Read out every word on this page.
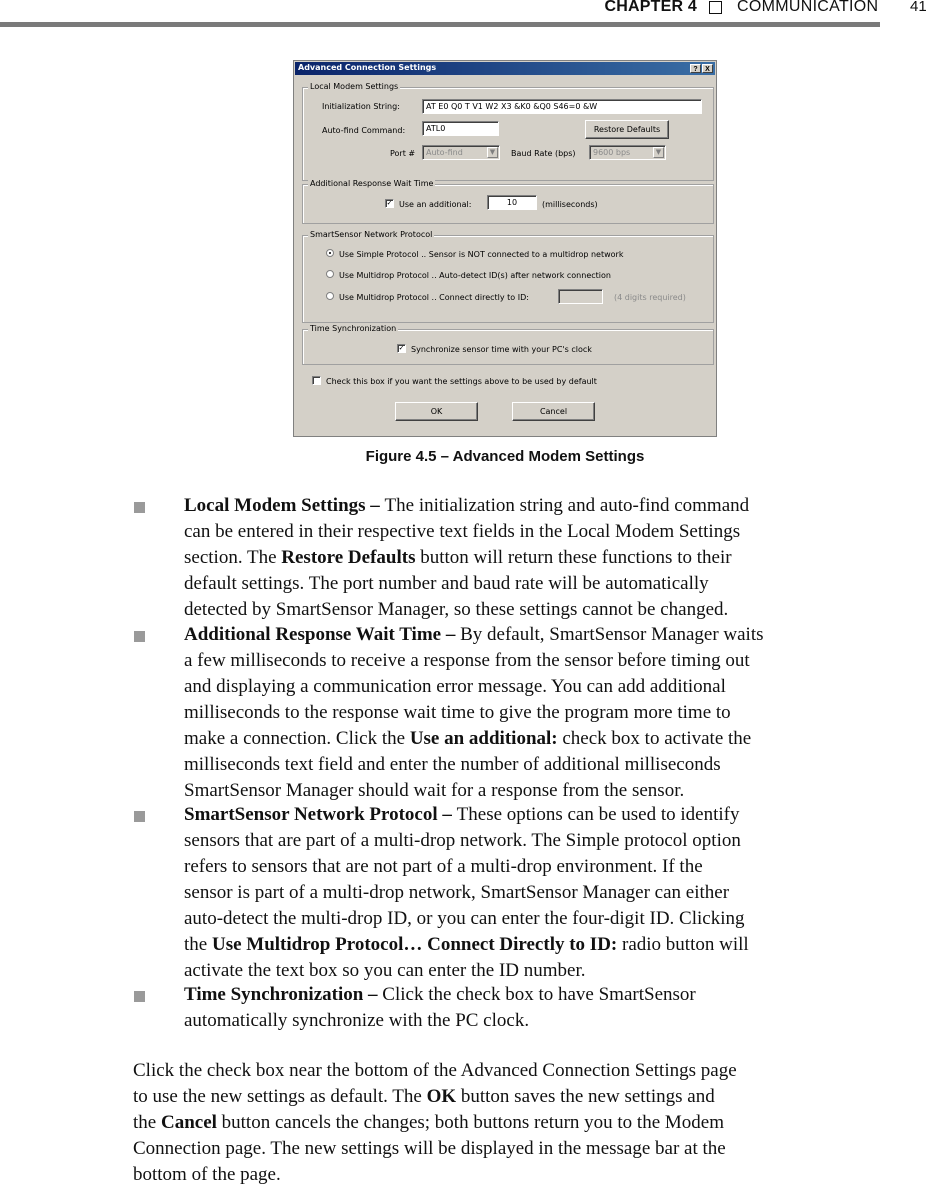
CHAPTER 4	COMMUNICATION 41
Advanced Connection Settings	?	X
Local Modem Settings
Initialization String:	AT E0 Q0 T V1 W2 X3 &K0 &Q0 S46=0 &W
Auto-find Command:	ATL0	Restore Defaults
Port #	Auto-find	▼	Baud Rate (bps)	9600 bps	▼
Additional Response Wait Time
✓ Use an additional:	10	(milliseconds)
SmartSensor Network Protocol
Use Simple Protocol .. Sensor is NOT connected to a multidrop network
Use Multidrop Protocol .. Auto-detect ID(s) after network connection
Use Multidrop Protocol .. Connect directly to ID:	(4 digits required)
Time Synchronization
✓ Synchronize sensor time with your PC's clock
Check this box if you want the settings above to be used by default
OK	Cancel
Figure 4.5 – Advanced Modem Settings
Local Modem Settings – The initialization string and auto-find command
can be entered in their respective text fields in the Local Modem Settings
section. The Restore Defaults button will return these functions to their
default settings. The port number and baud rate will be automatically
detected by SmartSensor Manager, so these settings cannot be changed.
Additional Response Wait Time – By default, SmartSensor Manager waits
a few milliseconds to receive a response from the sensor before timing out
and displaying a communication error message. You can add additional
milliseconds to the response wait time to give the program more time to
make a connection. Click the Use an additional: check box to activate the
milliseconds text field and enter the number of additional milliseconds
SmartSensor Manager should wait for a response from the sensor.
SmartSensor Network Protocol – These options can be used to identify
sensors that are part of a multi-drop network. The Simple protocol option
refers to sensors that are not part of a multi-drop environment. If the
sensor is part of a multi-drop network, SmartSensor Manager can either
auto-detect the multi-drop ID, or you can enter the four-digit ID. Clicking
the Use Multidrop Protocol… Connect Directly to ID: radio button will
activate the text box so you can enter the ID number.
Time Synchronization – Click the check box to have SmartSensor
automatically synchronize with the PC clock.
Click the check box near the bottom of the Advanced Connection Settings page
to use the new settings as default. The OK button saves the new settings and
the Cancel button cancels the changes; both buttons return you to the Modem
Connection page. The new settings will be displayed in the message bar at the
bottom of the page.
